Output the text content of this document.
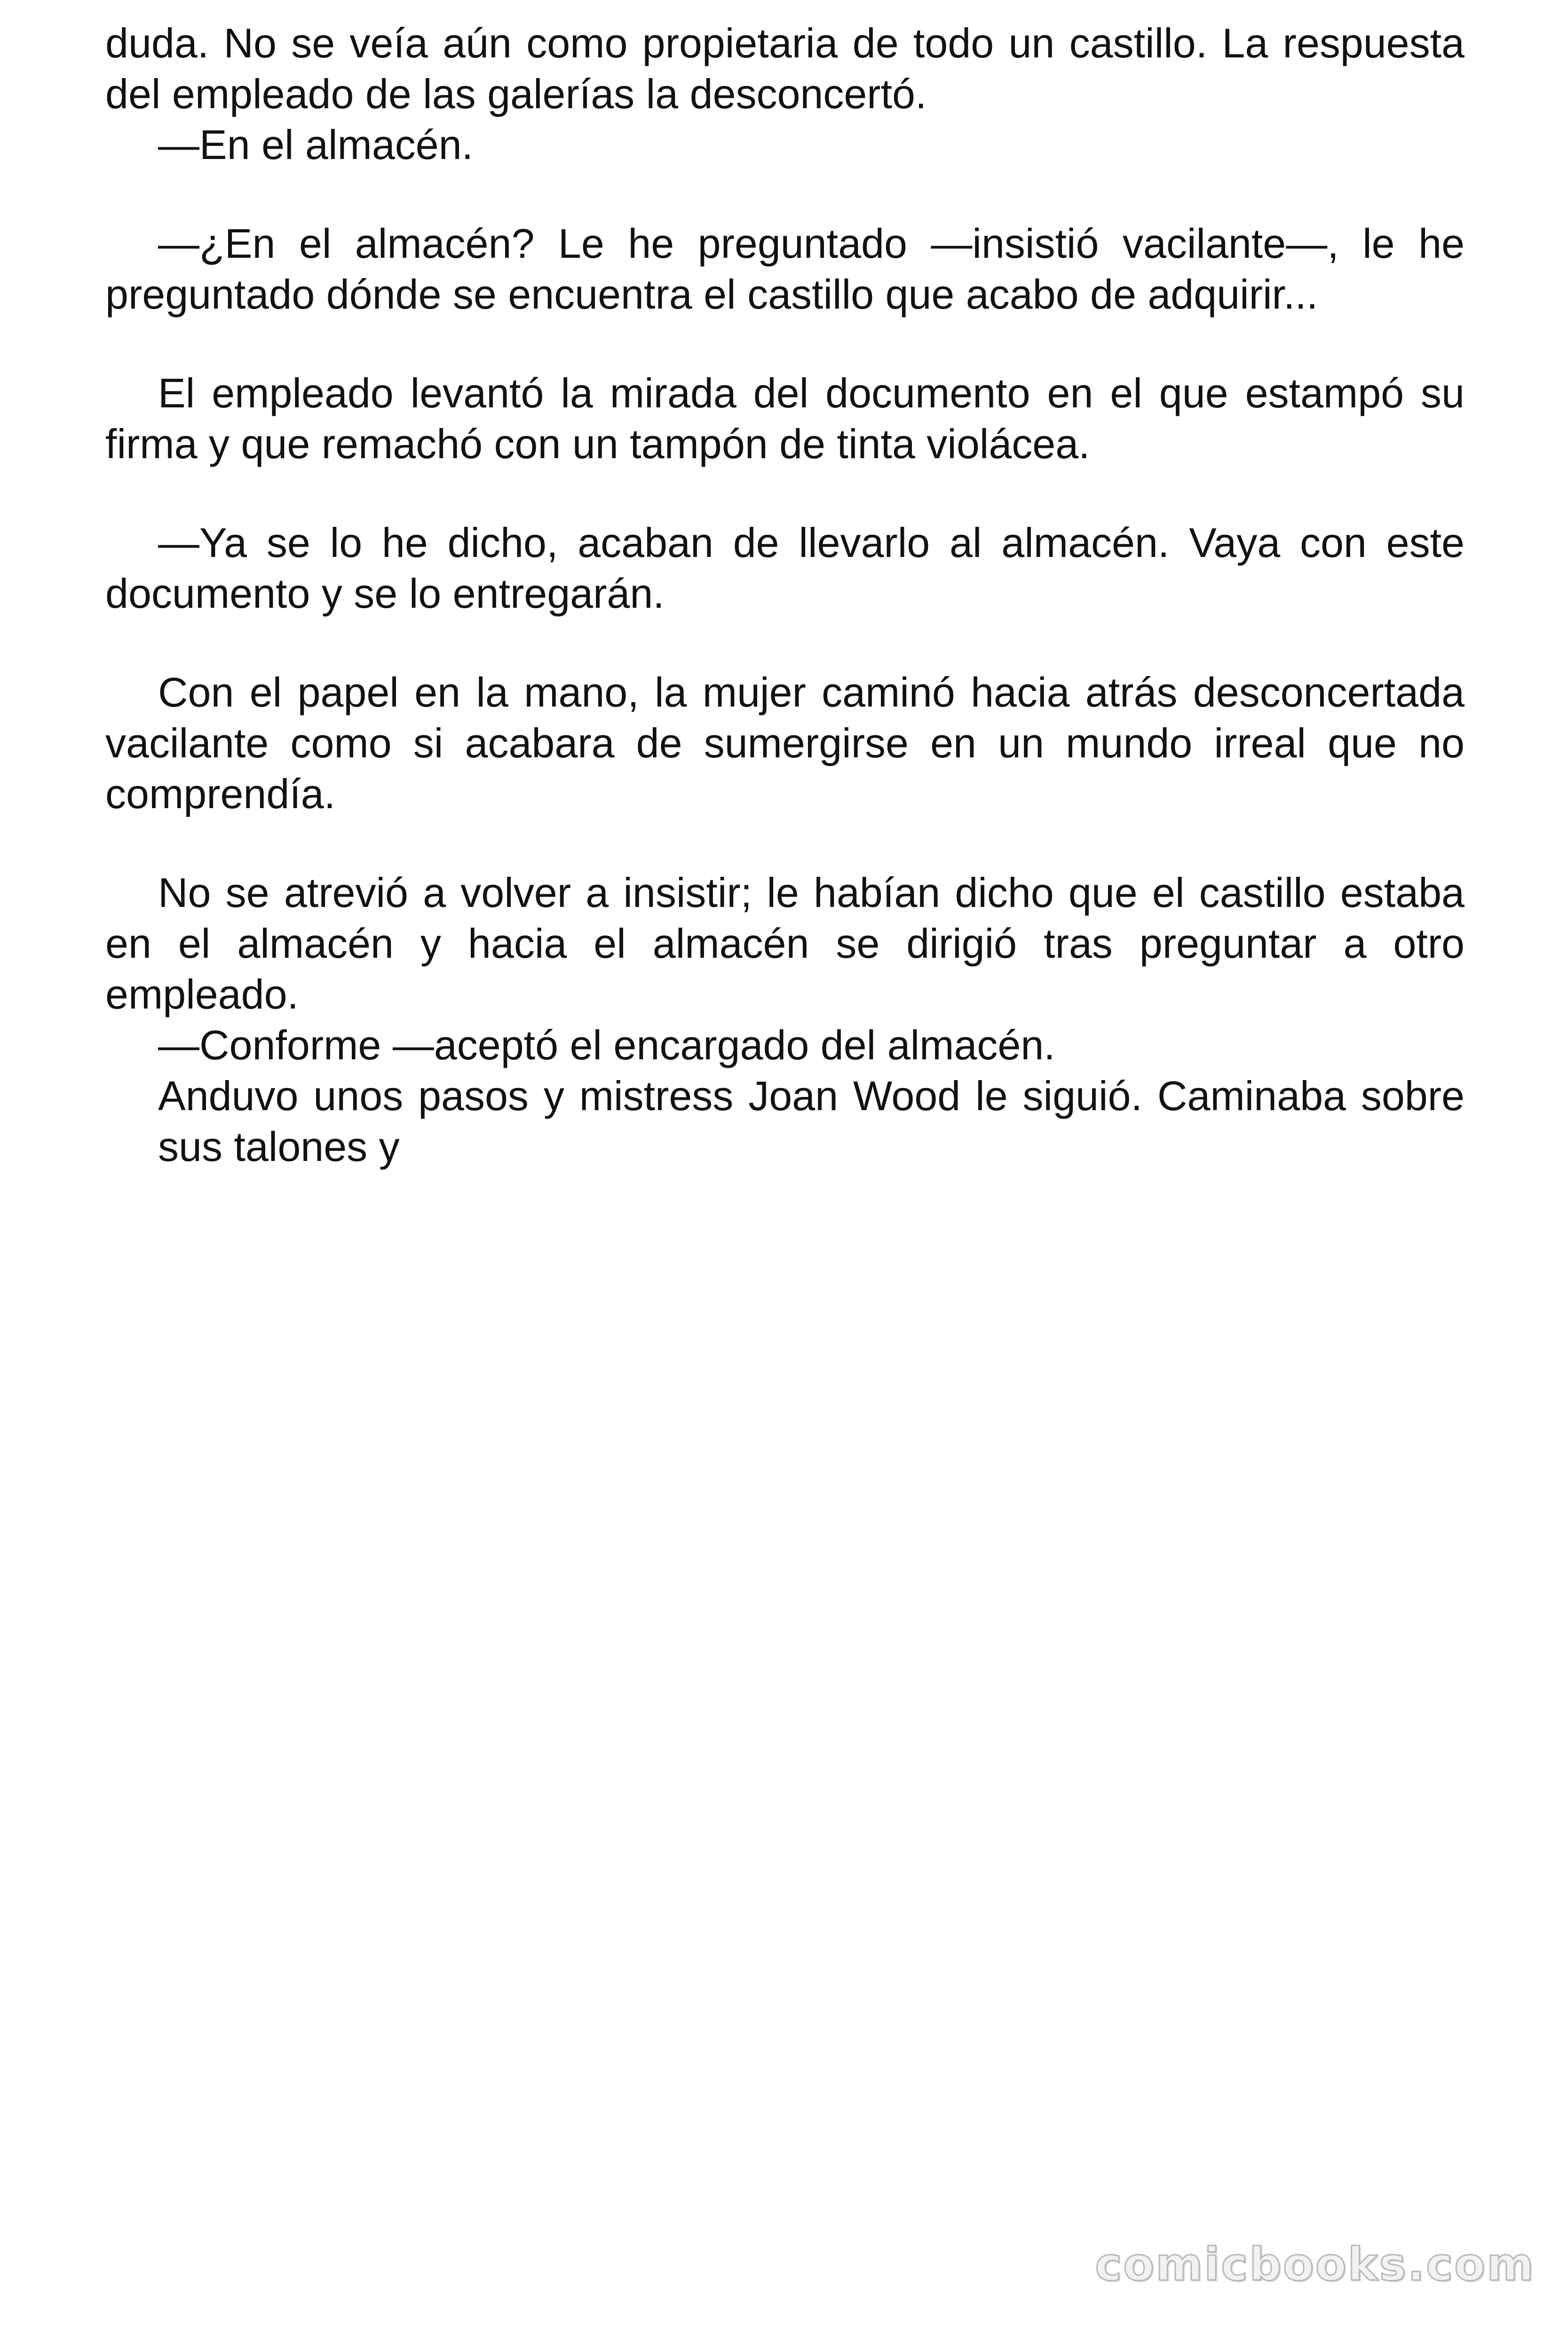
duda. No se veía aún como propietaria de todo un castillo. La respuesta del empleado de las galerías la desconcertó.

—En el almacén.

—¿En el almacén? Le he preguntado —insistió vacilante—, le he preguntado dónde se encuentra el castillo que acabo de adquirir...

El empleado levantó la mirada del documento en el que estampó su firma y que remachó con un tampón de tinta violácea.

—Ya se lo he dicho, acaban de llevarlo al almacén. Vaya con este documento y se lo entregarán.

Con el papel en la mano, la mujer caminó hacia atrás desconcertada vacilante como si acabara de sumergirse en un mundo irreal que no comprendía.

No se atrevió a volver a insistir; le habían dicho que el castillo estaba en el almacén y hacia el almacén se dirigió tras preguntar a otro empleado.

—Conforme —aceptó el encargado del almacén.

Anduvo unos pasos y mistress Joan Wood le siguió. Caminaba sobre sus talones y

comicbooks.com
